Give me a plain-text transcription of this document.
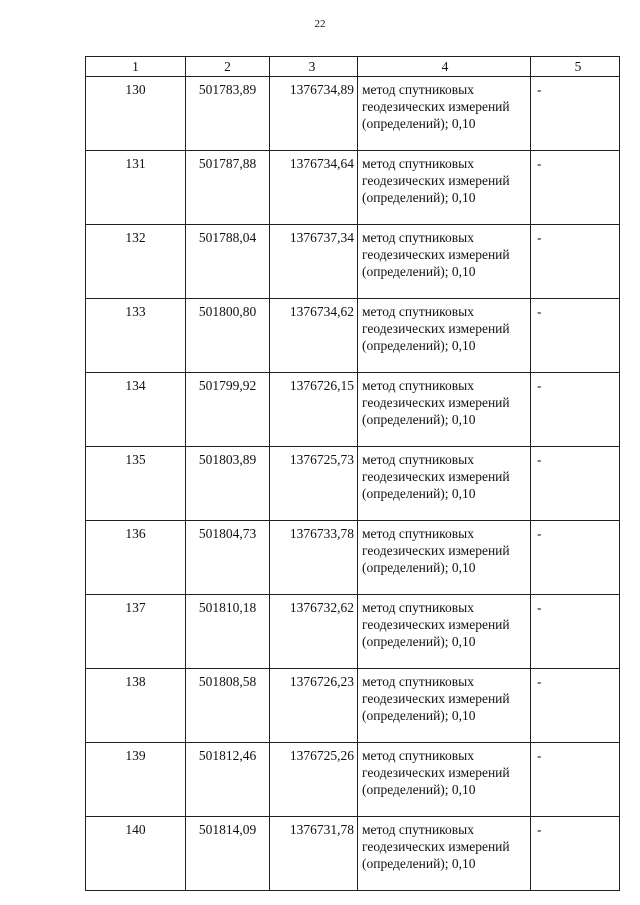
22
1	2	3	4	5
130	501783,89	1376734,89	метод спутниковых геодезических измерений (определений); 0,10	-
131	501787,88	1376734,64	метод спутниковых геодезических измерений (определений); 0,10	-
132	501788,04	1376737,34	метод спутниковых геодезических измерений (определений); 0,10	-
133	501800,80	1376734,62	метод спутниковых геодезических измерений (определений); 0,10	-
134	501799,92	1376726,15	метод спутниковых геодезических измерений (определений); 0,10	-
135	501803,89	1376725,73	метод спутниковых геодезических измерений (определений); 0,10	-
136	501804,73	1376733,78	метод спутниковых геодезических измерений (определений); 0,10	-
137	501810,18	1376732,62	метод спутниковых геодезических измерений (определений); 0,10	-
138	501808,58	1376726,23	метод спутниковых геодезических измерений (определений); 0,10	-
139	501812,46	1376725,26	метод спутниковых геодезических измерений (определений); 0,10	-
140	501814,09	1376731,78	метод спутниковых геодезических измерений (определений); 0,10	-
